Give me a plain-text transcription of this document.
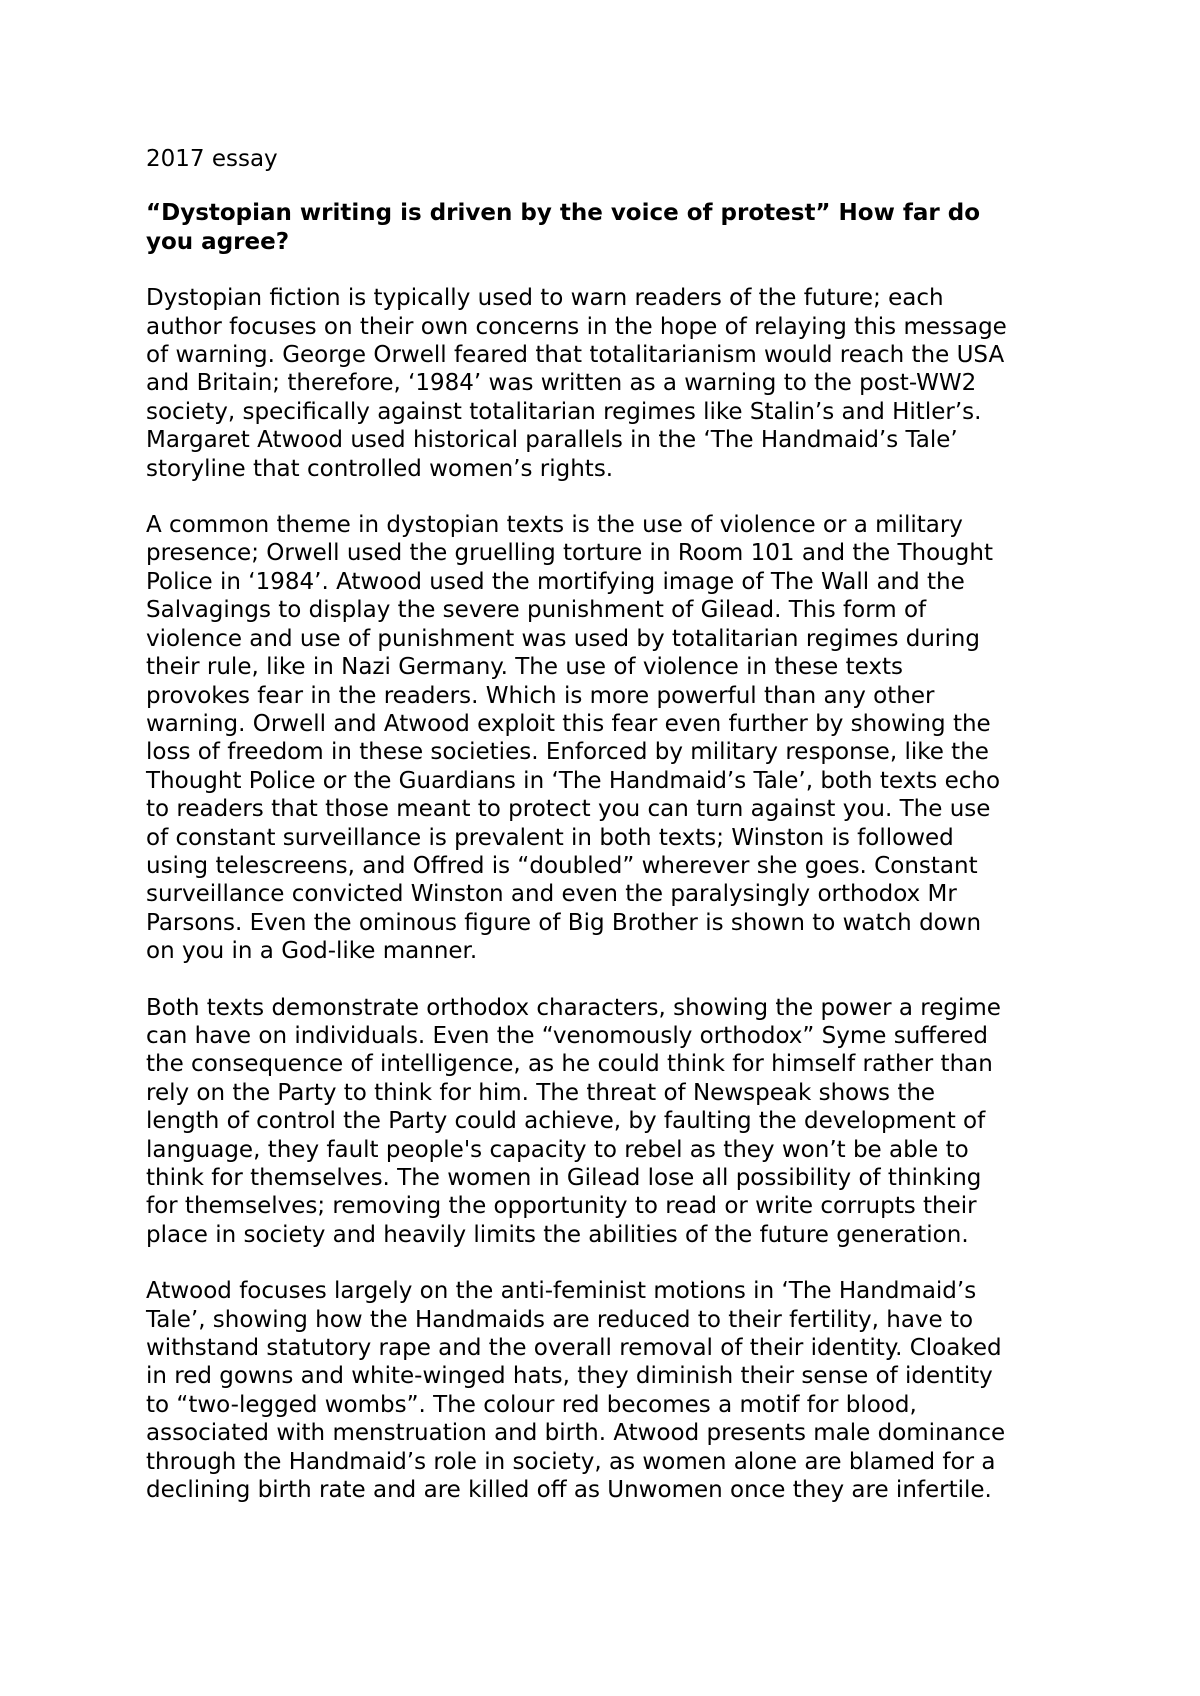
2017 essay
“Dystopian writing is driven by the voice of protest” How far do
you agree?
Dystopian fiction is typically used to warn readers of the future; each
author focuses on their own concerns in the hope of relaying this message
of warning. George Orwell feared that totalitarianism would reach the USA
and Britain; therefore, ‘1984’ was written as a warning to the post-WW2
society, specifically against totalitarian regimes like Stalin’s and Hitler’s.
Margaret Atwood used historical parallels in the ‘The Handmaid’s Tale’
storyline that controlled women’s rights.
A common theme in dystopian texts is the use of violence or a military
presence; Orwell used the gruelling torture in Room 101 and the Thought
Police in ‘1984’. Atwood used the mortifying image of The Wall and the
Salvagings to display the severe punishment of Gilead. This form of
violence and use of punishment was used by totalitarian regimes during
their rule, like in Nazi Germany. The use of violence in these texts
provokes fear in the readers. Which is more powerful than any other
warning. Orwell and Atwood exploit this fear even further by showing the
loss of freedom in these societies. Enforced by military response, like the
Thought Police or the Guardians in ‘The Handmaid’s Tale’, both texts echo
to readers that those meant to protect you can turn against you. The use
of constant surveillance is prevalent in both texts; Winston is followed
using telescreens, and Offred is “doubled” wherever she goes. Constant
surveillance convicted Winston and even the paralysingly orthodox Mr
Parsons. Even the ominous figure of Big Brother is shown to watch down
on you in a God-like manner.
Both texts demonstrate orthodox characters, showing the power a regime
can have on individuals. Even the “venomously orthodox” Syme suffered
the consequence of intelligence, as he could think for himself rather than
rely on the Party to think for him. The threat of Newspeak shows the
length of control the Party could achieve, by faulting the development of
language, they fault people's capacity to rebel as they won’t be able to
think for themselves. The women in Gilead lose all possibility of thinking
for themselves; removing the opportunity to read or write corrupts their
place in society and heavily limits the abilities of the future generation.
Atwood focuses largely on the anti-feminist motions in ‘The Handmaid’s
Tale’, showing how the Handmaids are reduced to their fertility, have to
withstand statutory rape and the overall removal of their identity. Cloaked
in red gowns and white-winged hats, they diminish their sense of identity
to “two-legged wombs”. The colour red becomes a motif for blood,
associated with menstruation and birth. Atwood presents male dominance
through the Handmaid’s role in society, as women alone are blamed for a
declining birth rate and are killed off as Unwomen once they are infertile.
